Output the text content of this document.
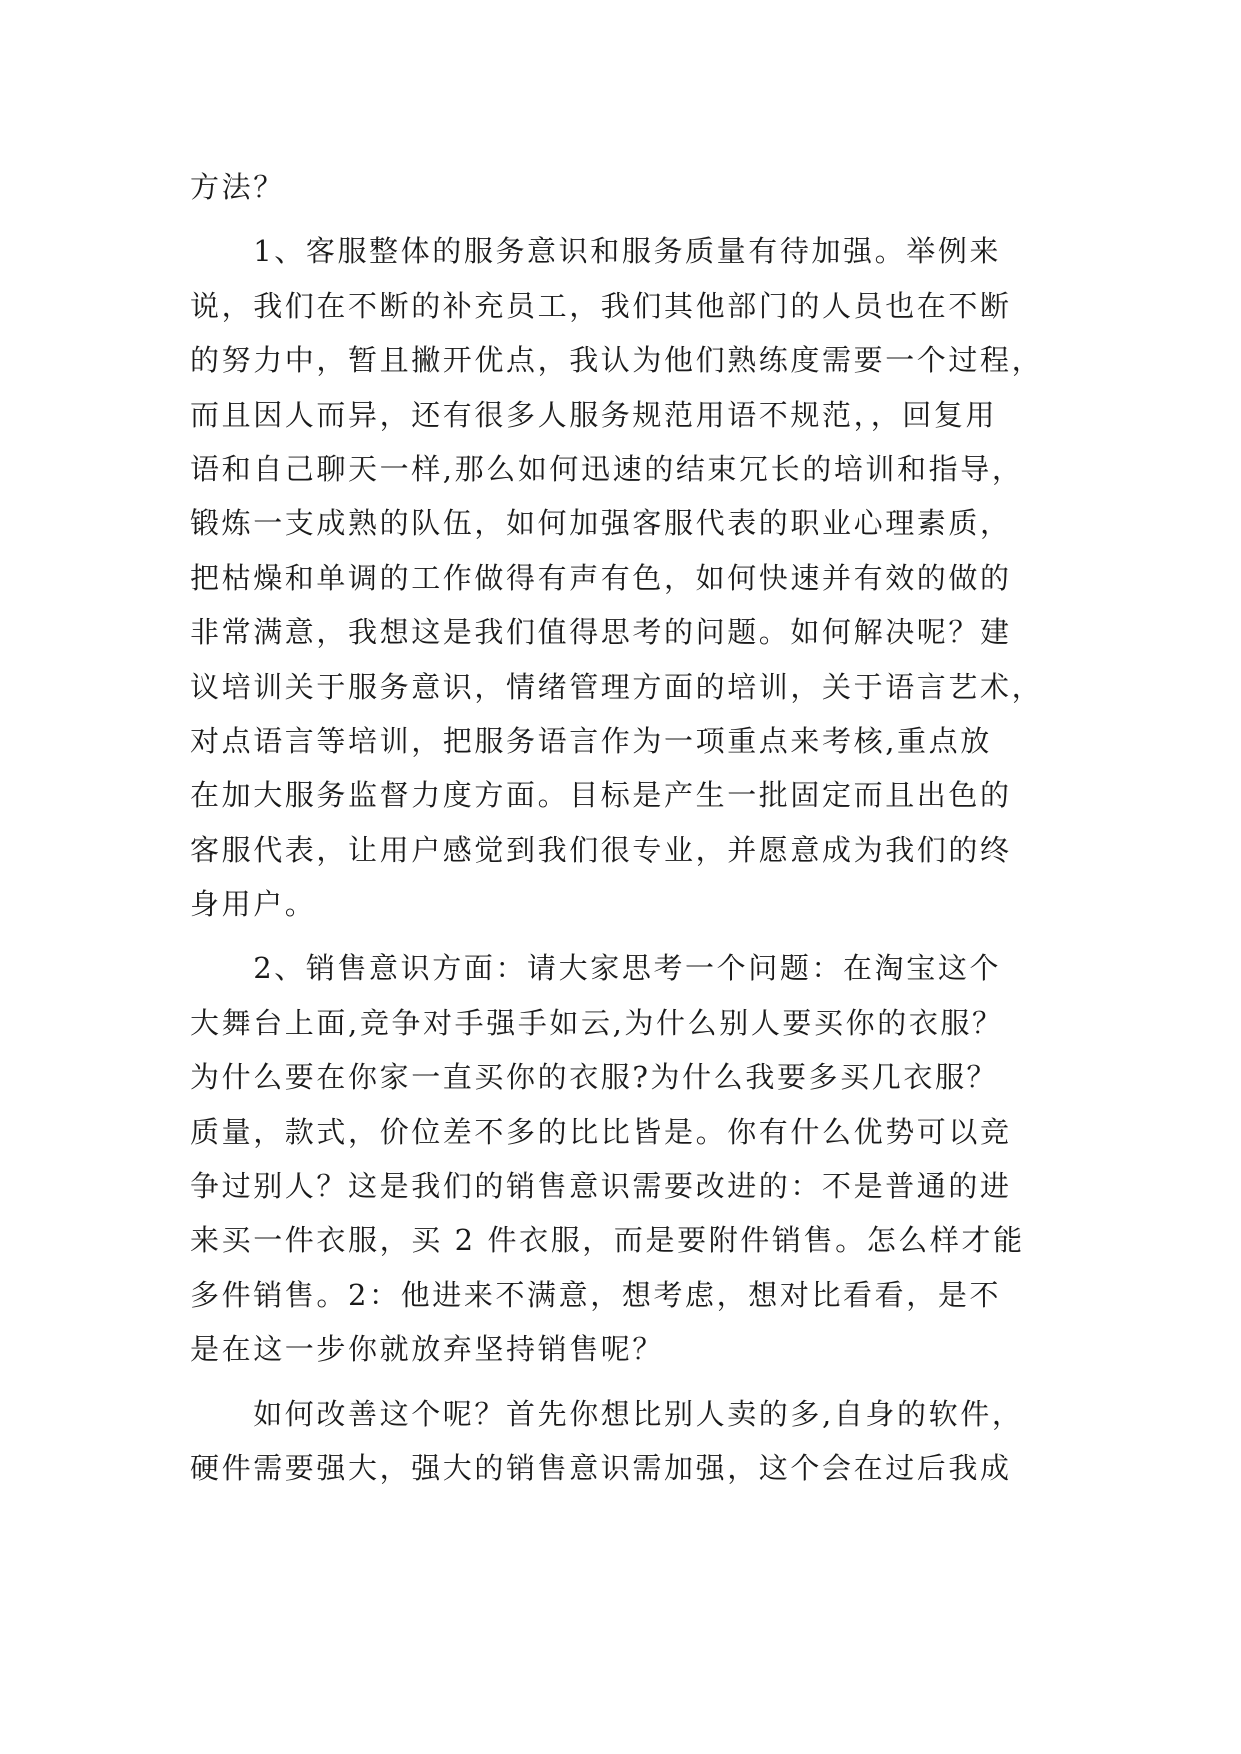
方法？
　　1、客服整体的服务意识和服务质量有待加强。举例来
说，我们在不断的补充员工，我们其他部门的人员也在不断
的努力中，暂且撇开优点，我认为他们熟练度需要一个过程，
而且因人而异，还有很多人服务规范用语不规范，，回复用
语和自己聊天一样,那么如何迅速的结束冗长的培训和指导，
锻炼一支成熟的队伍，如何加强客服代表的职业心理素质，
把枯燥和单调的工作做得有声有色，如何快速并有效的做的
非常满意，我想这是我们值得思考的问题。如何解决呢？建
议培训关于服务意识，情绪管理方面的培训，关于语言艺术，
对点语言等培训，把服务语言作为一项重点来考核,重点放
在加大服务监督力度方面。目标是产生一批固定而且出色的
客服代表，让用户感觉到我们很专业，并愿意成为我们的终
身用户。
　　2、销售意识方面：请大家思考一个问题：在淘宝这个
大舞台上面,竞争对手强手如云,为什么别人要买你的衣服？
为什么要在你家一直买你的衣服?为什么我要多买几衣服？
质量，款式，价位差不多的比比皆是。你有什么优势可以竞
争过别人？这是我们的销售意识需要改进的：不是普通的进
来买一件衣服，买 2 件衣服，而是要附件销售。怎么样才能
多件销售。2：他进来不满意，想考虑，想对比看看，是不
是在这一步你就放弃坚持销售呢？
　　如何改善这个呢？首先你想比别人卖的多,自身的软件，
硬件需要强大，强大的销售意识需加强，这个会在过后我成
